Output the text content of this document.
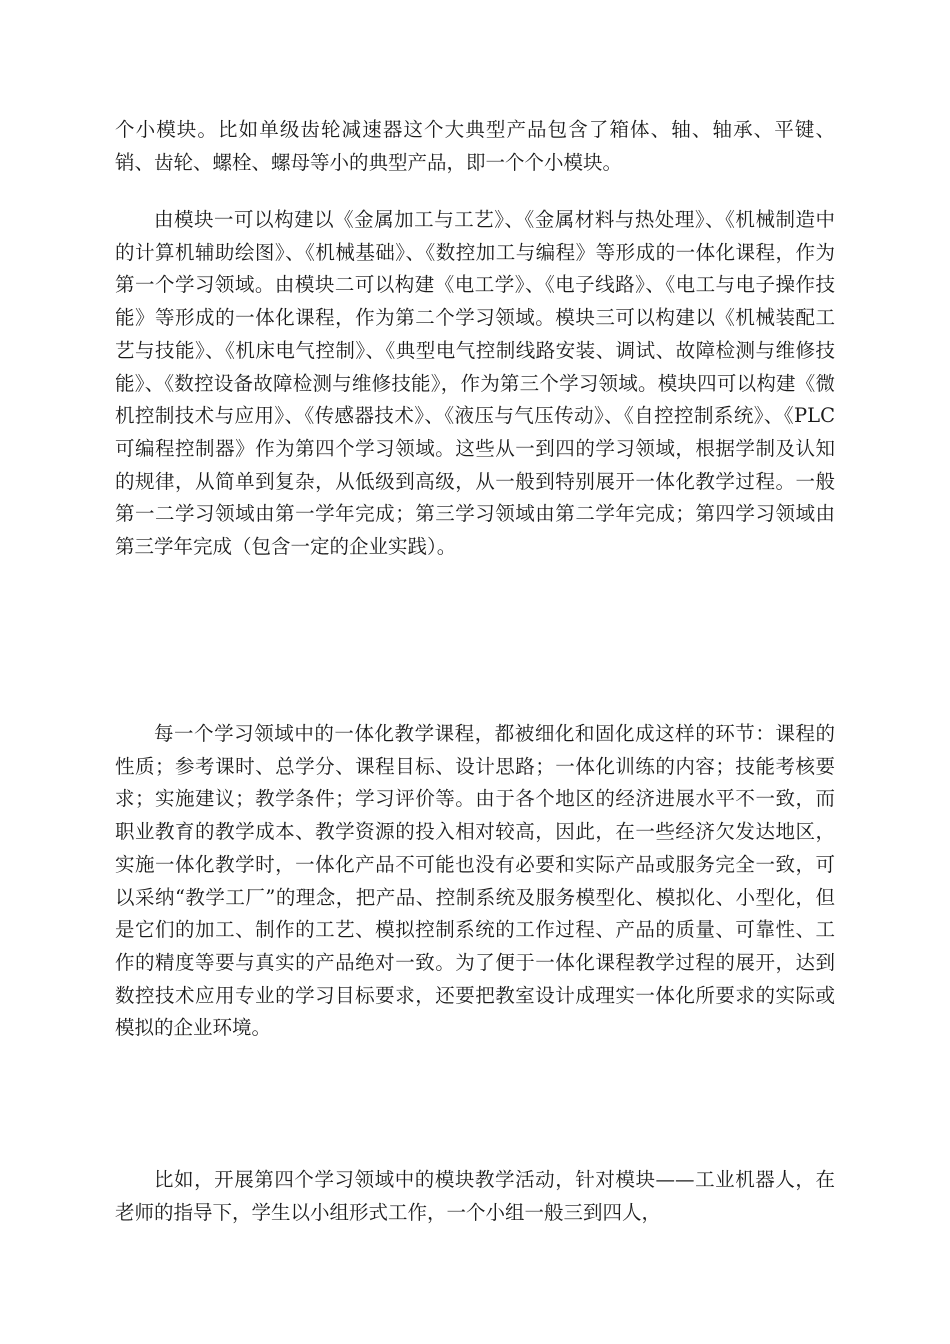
个小模块。比如单级齿轮减速器这个大典型产品包含了箱体、轴、轴承、平键、销、齿轮、螺栓、螺母等小的典型产品，即一个个小模块。

由模块一可以构建以《金属加工与工艺》、《金属材料与热处理》、《机械制造中的计算机辅助绘图》、《机械基础》、《数控加工与编程》等形成的一体化课程，作为第一个学习领域。由模块二可以构建《电工学》、《电子线路》、《电工与电子操作技能》等形成的一体化课程，作为第二个学习领域。模块三可以构建以《机械装配工艺与技能》、《机床电气控制》、《典型电气控制线路安装、调试、故障检测与维修技能》、《数控设备故障检测与维修技能》，作为第三个学习领域。模块四可以构建《微机控制技术与应用》、《传感器技术》、《液压与气压传动》、《自控控制系统》、《PLC可编程控制器》作为第四个学习领域。这些从一到四的学习领域，根据学制及认知的规律，从简单到复杂，从低级到高级，从一般到特别展开一体化教学过程。一般第一二学习领域由第一学年完成；第三学习领域由第二学年完成；第四学习领域由第三学年完成（包含一定的企业实践）。

每一个学习领域中的一体化教学课程，都被细化和固化成这样的环节：课程的性质；参考课时、总学分、课程目标、设计思路；一体化训练的内容；技能考核要求；实施建议；教学条件；学习评价等。由于各个地区的经济进展水平不一致，而职业教育的教学成本、教学资源的投入相对较高，因此，在一些经济欠发达地区，实施一体化教学时，一体化产品不可能也没有必要和实际产品或服务完全一致，可以采纳“教学工厂”的理念，把产品、控制系统及服务模型化、模拟化、小型化，但是它们的加工、制作的工艺、模拟控制系统的工作过程、产品的质量、可靠性、工作的精度等要与真实的产品绝对一致。为了便于一体化课程教学过程的展开，达到数控技术应用专业的学习目标要求，还要把教室设计成理实一体化所要求的实际或模拟的企业环境。

比如，开展第四个学习领域中的模块教学活动，针对模块——工业机器人，在老师的指导下，学生以小组形式工作，一个小组一般三到四人，
